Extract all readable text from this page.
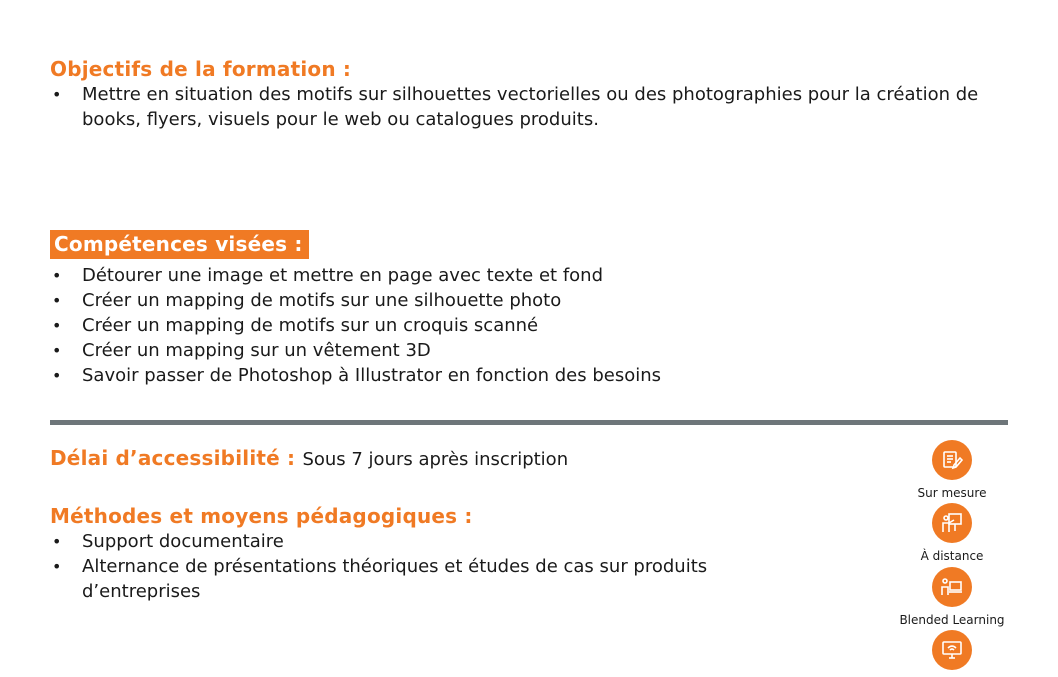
Objectifs de la formation :
• Mettre en situation des motifs sur silhouettes vectorielles ou des photographies pour la création de books, flyers, visuels pour le web ou catalogues produits.
Compétences visées :
• Détourer une image et mettre en page avec texte et fond
• Créer un mapping de motifs sur une silhouette photo
• Créer un mapping de motifs sur un croquis scanné
• Créer un mapping sur un vêtement 3D
• Savoir passer de Photoshop à Illustrator en fonction des besoins
Délai d’accessibilité : Sous 7 jours après inscription
Méthodes et moyens pédagogiques :
• Support documentaire
• Alternance de présentations théoriques et études de cas sur produits d’entreprises
Sur mesure
À distance
Blended Learning
